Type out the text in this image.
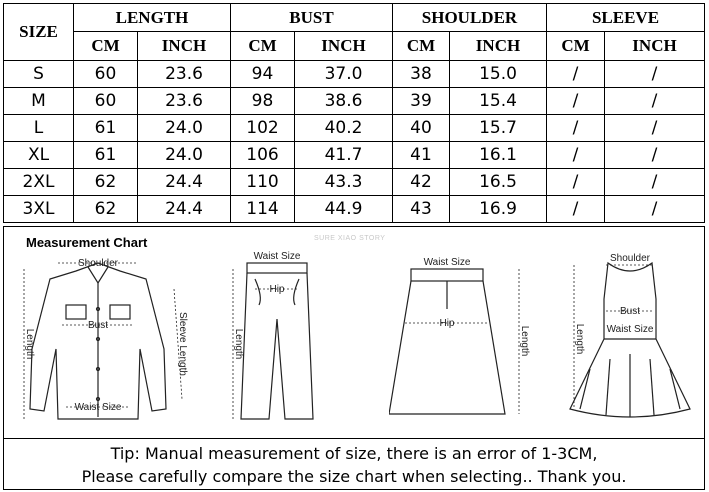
SIZE	LENGTH		BUST		SHOULDER		SLEEVE	
	CM	INCH	CM	INCH	CM	INCH	CM	INCH
S	60	23.6	94	37.0	38	15.0	/	/
M	60	23.6	98	38.6	39	15.4	/	/
L	61	24.0	102	40.2	40	15.7	/	/
XL	61	24.0	106	41.7	41	16.1	/	/
2XL	62	24.4	110	43.3	42	16.5	/	/
3XL	62	24.4	114	44.9	43	16.9	/	/
Measurement Chart	SURE XIAO STORY
Shoulder
Bust
Waist Size
Length	Sleeve Length
Waist Size
Hip
Length
Waist Size
Hip
Length
Shoulder
Bust
Waist Size
Length
Tip: Manual measurement of size, there is an error of 1-3CM,
Please carefully compare the size chart when selecting.. Thank you.
